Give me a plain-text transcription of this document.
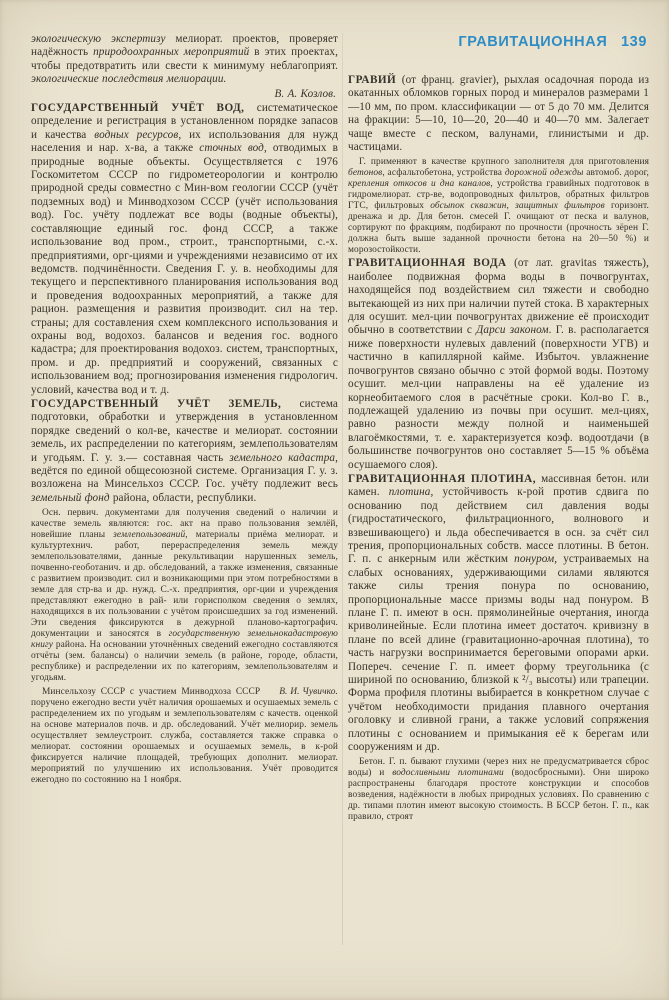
экологическую экспертизу мелиорат. проектов, проверяет надёжность природоохранных мероприятий в этих проектах, чтобы предотвратить или свести к минимуму неблагоприят. экологические последствия мелиорации.
В. А. Козлов.
ГОСУДАРСТВЕННЫЙ УЧЁТ ВОД, систематическое определение и регистрация в установленном порядке запасов и качества водных ресурсов, их использования для нужд населения и нар. х-ва, а также сточных вод, отводимых в природные водные объекты. Осуществляется с 1976 Госкомитетом СССР по гидрометеорологии и контролю природной среды совместно с Мин-вом геологии СССР (учёт подземных вод) и Минводхозом СССР (учёт использования вод). Гос. учёту подлежат все воды (водные объекты), составляющие единый гос. фонд СССР, а также использование вод пром., строит., транспортными, с.-х. предприятиями, орг-циями и учреждениями независимо от их ведомств. подчинённости. Сведения Г. у. в. необходимы для текущего и перспективного планирования использования вод и проведения водоохранных мероприятий, а также для рацион. размещения и развития производит. сил на тер. страны; для составления схем комплексного использования и охраны вод, водохоз. балансов и ведения гос. водного кадастра; для проектирования водохоз. систем, транспортных, пром. и др. предприятий и сооружений, связанных с использованием вод; прогнозирования изменения гидрологич. условий, качества вод и т. д.
ГОСУДАРСТВЕННЫЙ УЧЁТ ЗЕМЕЛЬ, система подготовки, обработки и утверждения в установленном порядке сведений о кол-ве, качестве и мелиорат. состоянии земель, их распределении по категориям, землепользователям и угодьям. Г. у. з.— составная часть земельного кадастра, ведётся по единой общесоюзной системе. Организация Г. у. з. возложена на Минсельхоз СССР. Гос. учёту подлежит весь земельный фонд района, области, республики.
Осн. первич. документами для получения сведений о наличии и качестве земель являются: гос. акт на право пользования землёй, новейшие планы землепользований, материалы приёма мелиорат. и культуртехнич. работ, перераспределения земель между землепользователями, данные рекультивации нарушенных земель, почвенно-геоботанич. и др. обследований, а также изменения, связанные с развитием производит. сил и возникающими при этом потребностями в земле для стр-ва и др. нужд. С.-х. предприятия, орг-ции и учреждения представляют ежегодно в рай- или горисполком сведения о землях, находящихся в их пользовании с учётом происшедших за год изменений. Эти сведения фиксируются в дежурной планово-картографич. документации и заносятся в государственную земельнокадастровую книгу района. На основании уточнённых сведений ежегодно составляются отчёты (зем. балансы) о наличии земель (в районе, городе, области, республике) и распределении их по категориям, землепользователям и угодьям.
В. И. Чувичко.
Минсельхозу СССР с участием Минводхоза СССР поручено ежегодно вести учёт наличия орошаемых и осушаемых земель с распределением их по угодьям и землепользователям с качеств. оценкой на основе материалов почв. и др. обследований. Учёт мелиорир. земель осуществляет землеустроит. служба, составляется также справка о мелиорат. состоянии орошаемых и осушаемых земель, в к-рой фиксируется наличие площадей, требующих дополнит. мелиорат. мероприятий по улучшению их использования. Учёт проводится ежегодно по состоянию на 1 ноября.
ГРАВИТАЦИОННАЯ 139
ГРАВИЙ (от франц. gravier), рыхлая осадочная порода из окатанных обломков горных пород и минералов размерами 1—10 мм, по пром. классификации — от 5 до 70 мм. Делится на фракции: 5—10, 10—20, 20—40 и 40—70 мм. Залегает чаще вместе с песком, валунами, глинистыми и др. частицами.
Г. применяют в качестве крупного заполнителя для приготовления бетонов, асфальтобетона, устройства дорожной одежды автомоб. дорог, крепления откосов и дна каналов, устройства гравийных подготовок в гидромелиорат. стр-ве, водопроводных фильтров, обратных фильтров ГТС, фильтровых обсыпок скважин, защитных фильтров горизонт. дренажа и др. Для бетон. смесей Г. очищают от песка и валунов, сортируют по фракциям, подбирают по прочности (прочность зёрен Г. должна быть выше заданной прочности бетона на 20—50 %) и морозостойкости.
ГРАВИТАЦИОННАЯ ВОДА (от лат. gravitas тяжесть), наиболее подвижная форма воды в почвогрунтах, находящейся под воздействием сил тяжести и свободно вытекающей из них при наличии путей стока. В характерных для осушит. мел-ции почвогрунтах движение её происходит обычно в соответствии с Дарси законом. Г. в. располагается ниже поверхности нулевых давлений (поверхности УГВ) и частично в капиллярной кайме. Избыточ. увлажнение почвогрунтов связано обычно с этой формой воды. Поэтому осушит. мел-ции направлены на её удаление из корнеобитаемого слоя в расчётные сроки. Кол-во Г. в., подлежащей удалению из почвы при осушит. мел-циях, равно разности между полной и наименьшей влагоёмкостями, т. е. характеризуется коэф. водоотдачи (в большинстве почвогрунтов оно составляет 5—15 % объёма осушаемого слоя).
ГРАВИТАЦИОННАЯ ПЛОТИНА, массивная бетон. или камен. плотина, устойчивость к-рой против сдвига по основанию под действием сил давления воды (гидростатического, фильтрационного, волнового и взвешивающего) и льда обеспечивается в осн. за счёт сил трения, пропорциональных собств. массе плотины. В бетон. Г. п. с анкерным или жёстким понуром, устраиваемых на слабых основаниях, удерживающими силами являются также силы трения понура по основанию, пропорциональные массе призмы воды над понуром. В плане Г. п. имеют в осн. прямолинейные очертания, иногда криволинейные. Если плотина имеет достаточ. кривизну в плане по всей длине (гравитационно-арочная плотина), то часть нагрузки воспринимается береговыми опорами арки. Попереч. сечение Г. п. имеет форму треугольника (с шириной по основанию, близкой к ²/₃ высоты) или трапеции. Форма профиля плотины выбирается в конкретном случае с учётом необходимости придания плавного очертания оголовку и сливной грани, а также условий сопряжения плотины с основанием и примыкания её к берегам или сооружениям и др.
Бетон. Г. п. бывают глухими (через них не предусматривается сброс воды) и водосливными плотинами (водосбросными). Они широко распространены благодаря простоте конструкции и способов возведения, надёжности в любых природных условиях. По сравнению с др. типами плотин имеют высокую стоимость. В БССР бетон. Г. п., как правило, строят
